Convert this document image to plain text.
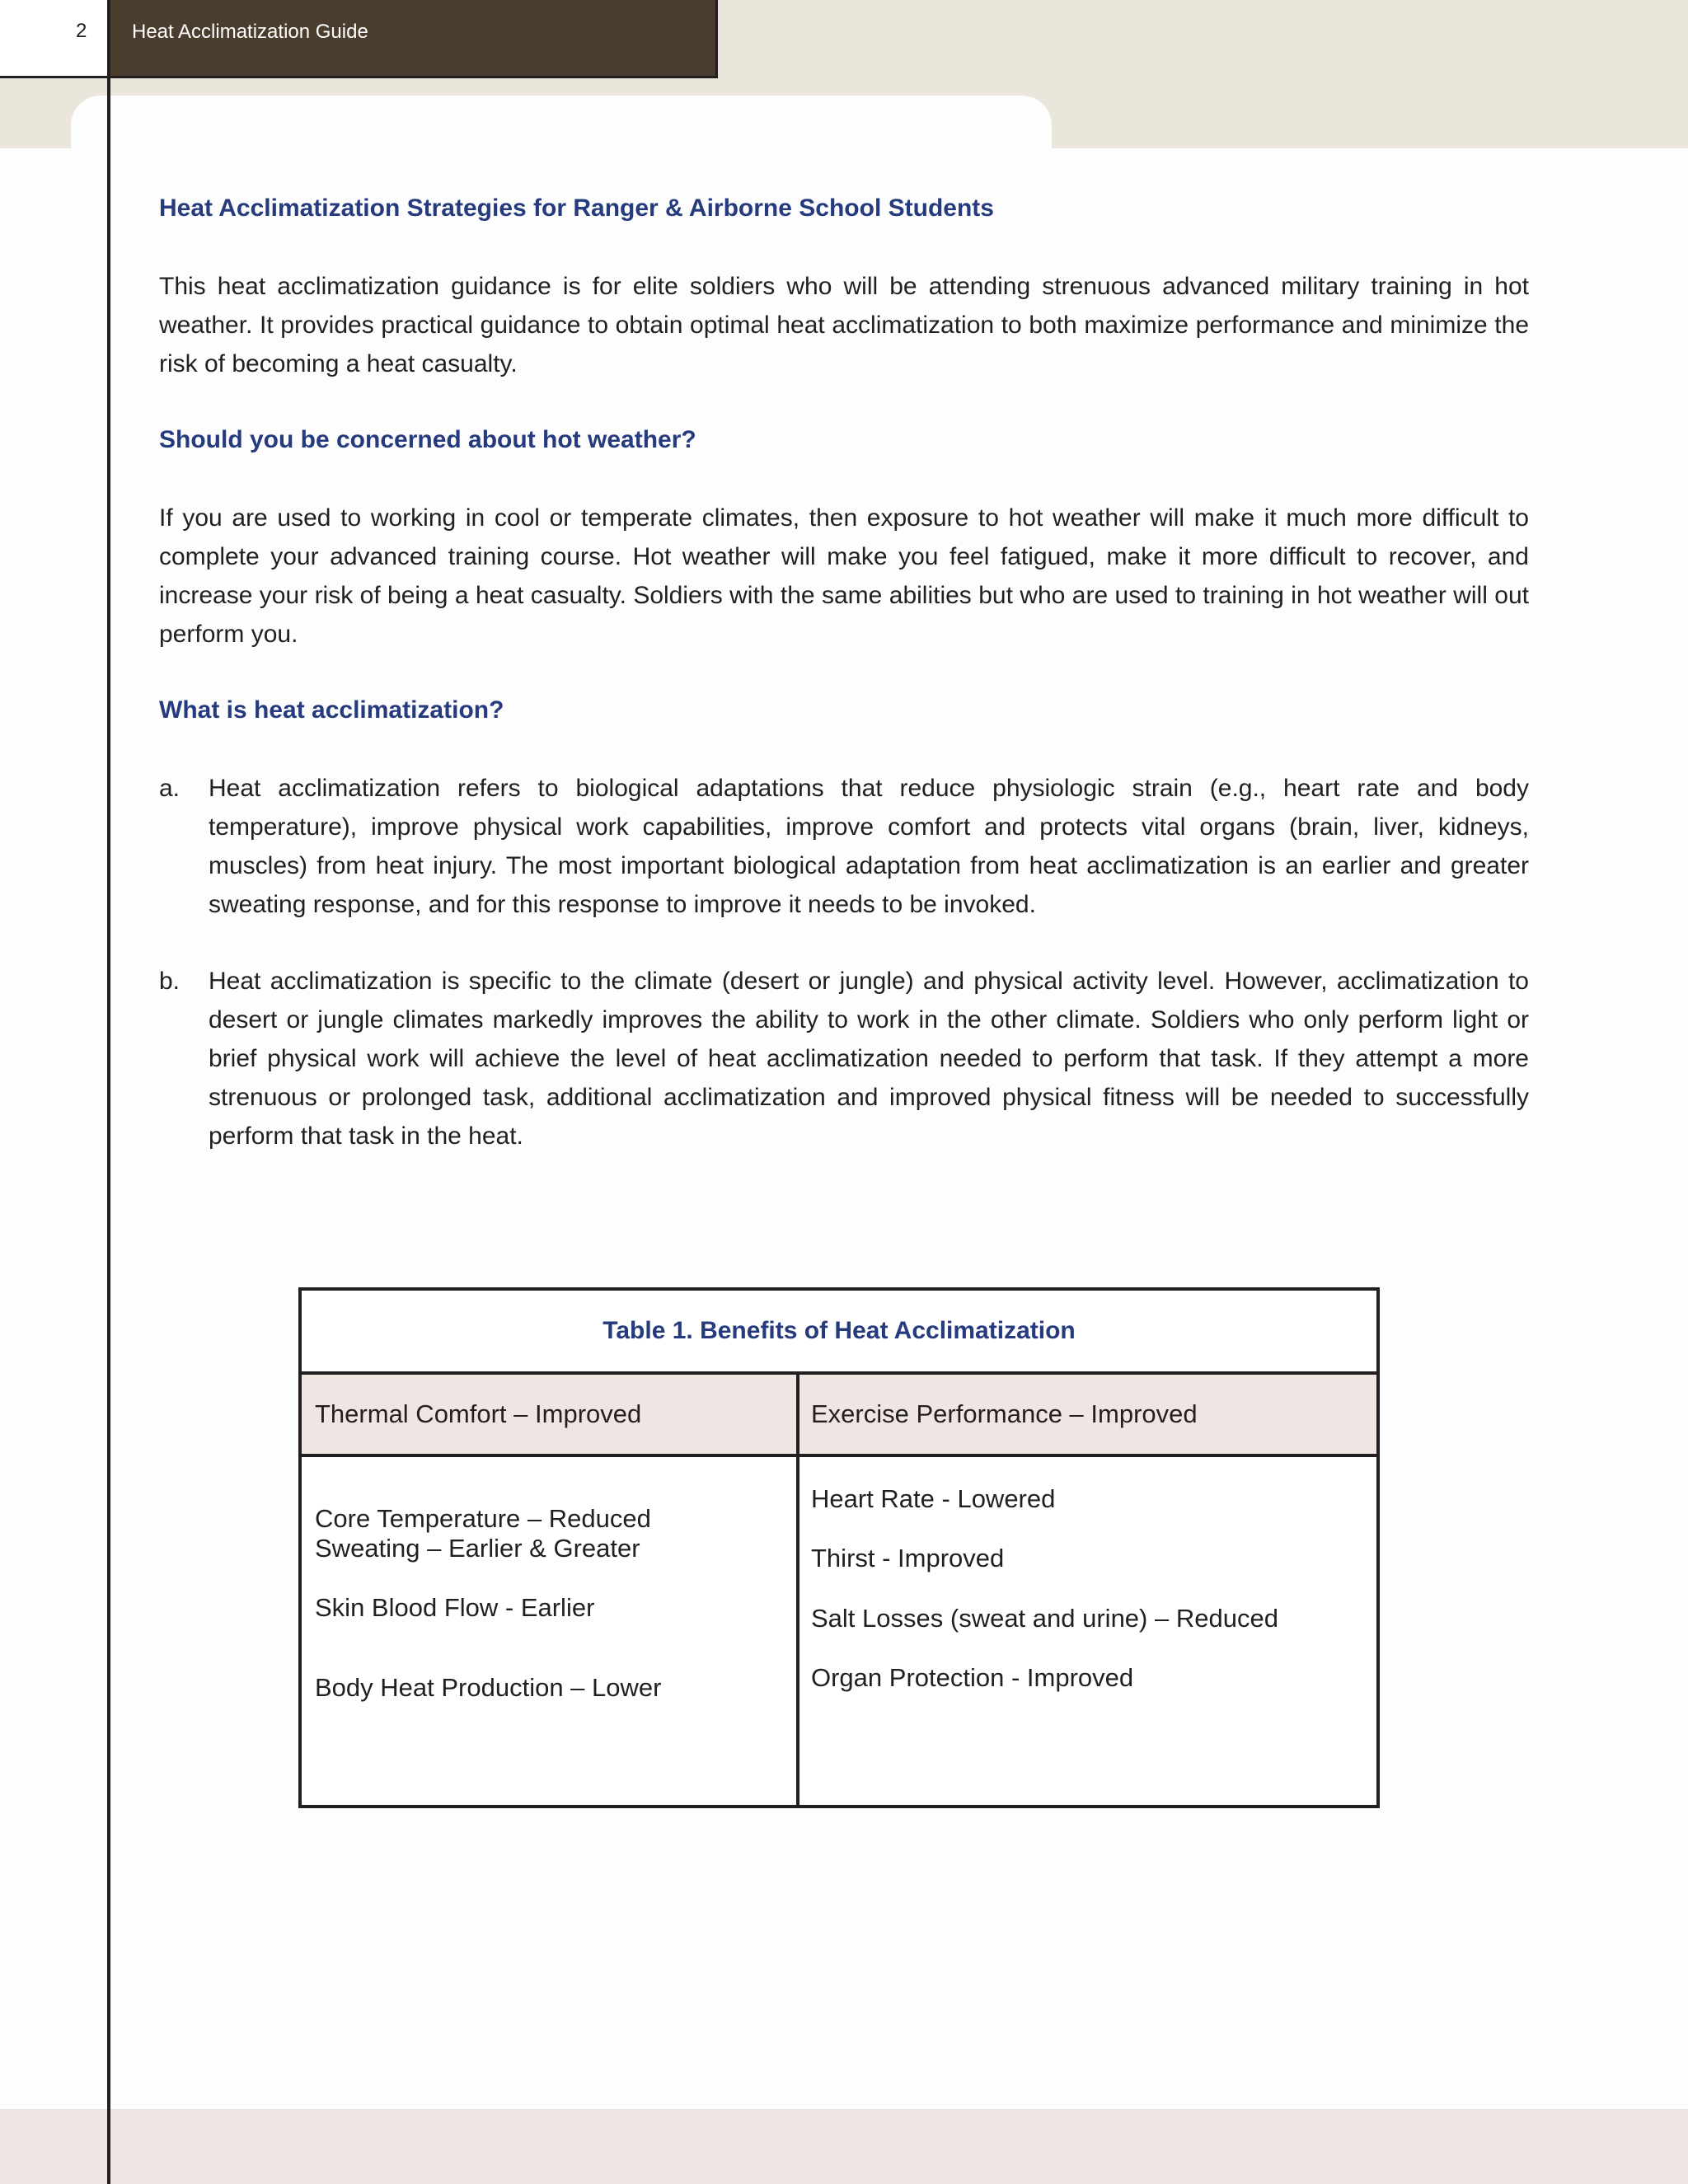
2 Heat Acclimatization Guide
Heat Acclimatization Strategies for Ranger & Airborne School Students

This heat acclimatization guidance is for elite soldiers who will be attending strenuous advanced military training in hot weather. It provides practical guidance to obtain optimal heat acclimatization to both maximize performance and minimize the risk of becoming a heat casualty.

Should you be concerned about hot weather?

If you are used to working in cool or temperate climates, then exposure to hot weather will make it much more difficult to complete your advanced training course. Hot weather will make you feel fatigued, make it more difficult to recover, and increase your risk of being a heat casualty. Soldiers with the same abilities but who are used to training in hot weather will out perform you.

What is heat acclimatization?
a. Heat acclimatization refers to biological adaptations that reduce physiologic strain (e.g., heart rate and body temperature), improve physical work capabilities, improve comfort and protects vital organs (brain, liver, kidneys, muscles) from heat injury. The most important biological adaptation from heat acclimatization is an earlier and greater sweating response, and for this response to improve it needs to be invoked.

b. Heat acclimatization is specific to the climate (desert or jungle) and physical activity level. However, acclimatization to desert or jungle climates markedly improves the ability to work in the other climate. Soldiers who only perform light or brief physical work will achieve the level of heat acclimatization needed to perform that task. If they attempt a more strenuous or prolonged task, additional acclimatization and improved physical fitness will be needed to successfully perform that task in the heat.

Table 1. Benefits of Heat Acclimatization
Thermal Comfort – Improved	Exercise Performance – Improved
Core Temperature – Reduced
Sweating – Earlier & Greater
Skin Blood Flow - Earlier
Body Heat Production – Lower
Heart Rate - Lowered
Thirst - Improved
Salt Losses (sweat and urine) – Reduced
Organ Protection - Improved
